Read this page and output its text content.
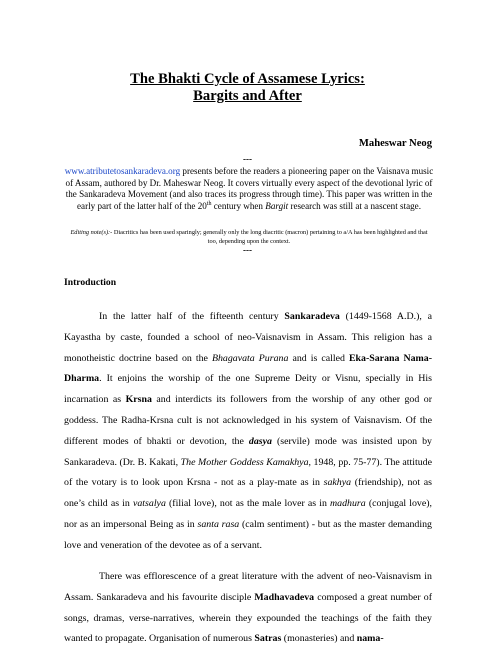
The Bhakti Cycle of Assamese Lyrics:
Bargits and After
Maheswar Neog
---
www.atributetosankaradeva.org presents before the readers a pioneering paper on the Vaisnava music of Assam, authored by Dr. Maheswar Neog. It covers virtually every aspect of the devotional lyric of the Sankaradeva Movement (and also traces its progress through time). This paper was written in the early part of the latter half of the 20th century when Bargit research was still at a nascent stage.
Editing note(s):- Diacritics has been used sparingly; generally only the long diacritic (macron) pertaining to a/A has been highlighted and that too, depending upon the context.
---
Introduction

In the latter half of the fifteenth century Sankaradeva (1449-1568 A.D.), a Kayastha by caste, founded a school of neo-Vaisnavism in Assam. This religion has a monotheistic doctrine based on the Bhagavata Purana and is called Eka-Sarana Nama-Dharma. It enjoins the worship of the one Supreme Deity or Visnu, specially in His incarnation as Krsna and interdicts its followers from the worship of any other god or goddess. The Radha-Krsna cult is not acknowledged in his system of Vaisnavism. Of the different modes of bhakti or devotion, the dasya (servile) mode was insisted upon by Sankaradeva. (Dr. B. Kakati, The Mother Goddess Kamakhya, 1948, pp. 75-77). The attitude of the votary is to look upon Krsna - not as a play-mate as in sakhya (friendship), not as one’s child as in vatsalya (filial love), not as the male lover as in madhura (conjugal love), nor as an impersonal Being as in santa rasa (calm sentiment) - but as the master demanding love and veneration of the devotee as of a servant.

There was efflorescence of a great literature with the advent of neo-Vaisnavism in Assam. Sankaradeva and his favourite disciple Madhavadeva composed a great number of songs, dramas, verse-narratives, wherein they expounded the teachings of the faith they wanted to propagate. Organisation of numerous Satras (monasteries) and nama-
